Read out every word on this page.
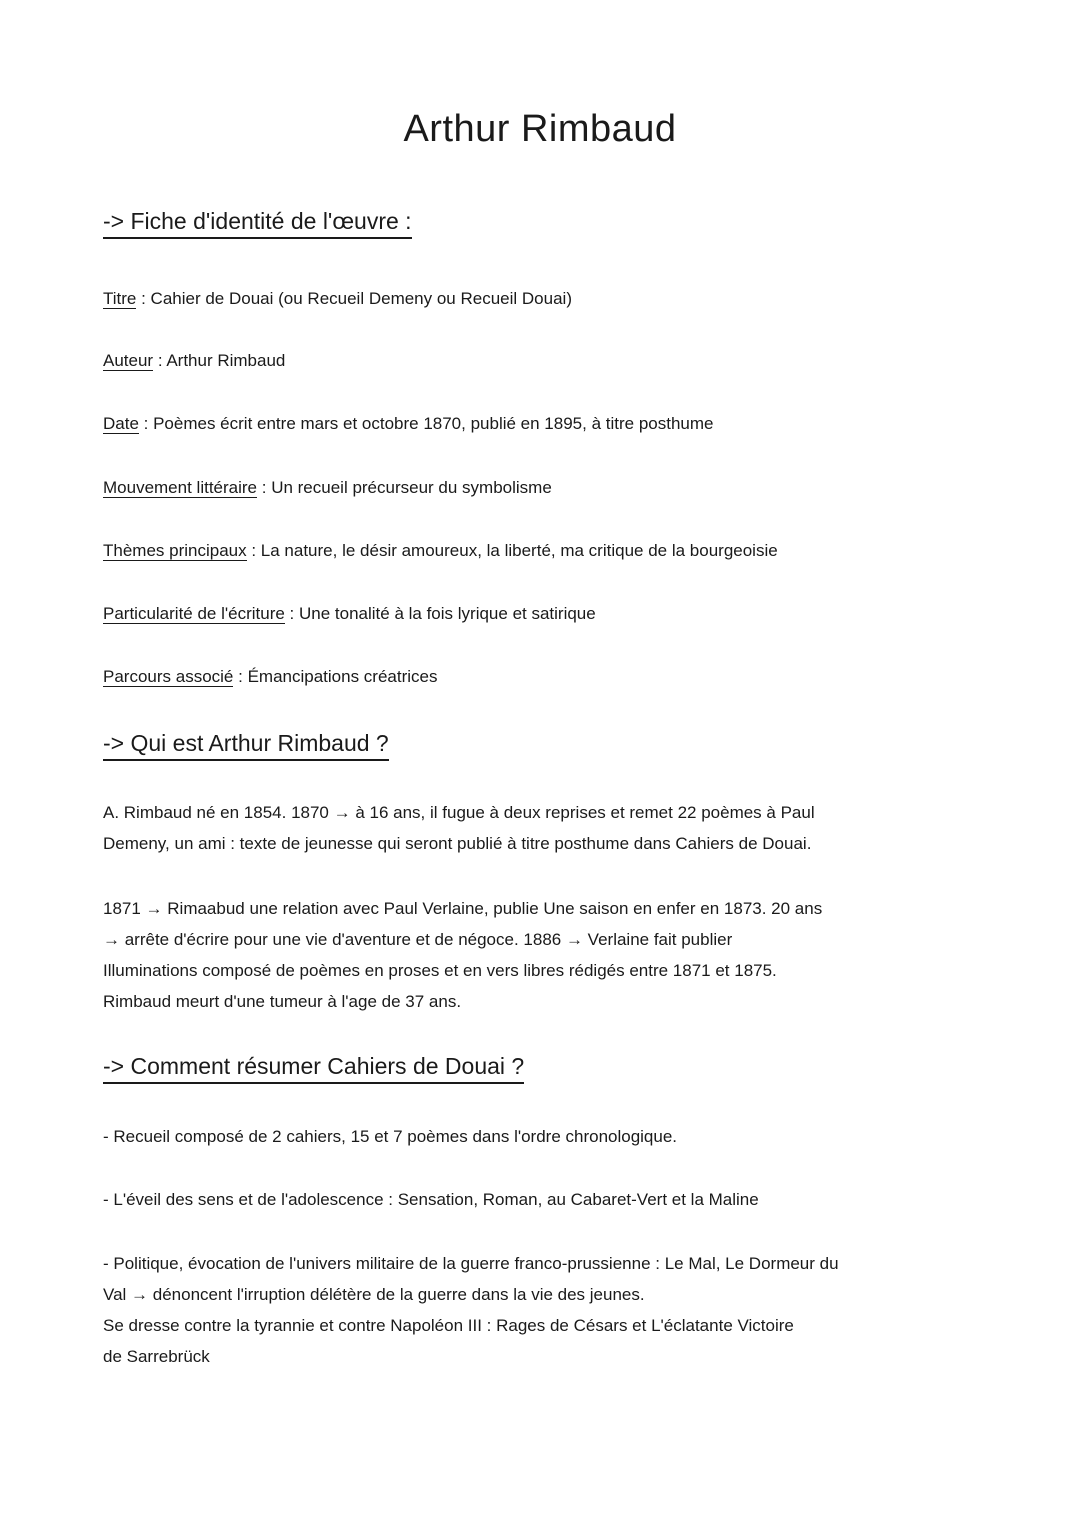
Arthur Rimbaud
-> Fiche d'identité de l'œuvre :
Titre : Cahier de Douai (ou Recueil Demeny ou Recueil Douai)
Auteur : Arthur Rimbaud
Date : Poèmes écrit entre mars et octobre 1870, publié en 1895, à titre posthume
Mouvement littéraire : Un recueil précurseur du symbolisme
Thèmes principaux : La nature, le désir amoureux, la liberté, ma critique de la bourgeoisie
Particularité de l'écriture : Une tonalité à la fois lyrique et satirique
Parcours associé : Émancipations créatrices
-> Qui est Arthur Rimbaud ?

A. Rimbaud né en 1854. 1870 → à 16 ans, il fugue à deux reprises et remet 22 poèmes à Paul

Demeny, un ami : texte de jeunesse qui seront publié à titre posthume dans Cahiers de Douai.

1871 → Rimaabud une relation avec Paul Verlaine, publie Une saison en enfer en 1873. 20 ans

→ arrête d'écrire pour une vie d'aventure et de négoce. 1886 → Verlaine fait publier

Illuminations composé de poèmes en proses et en vers libres rédigés entre 1871 et 1875.

Rimbaud meurt d'une tumeur à l'age de 37 ans.

-> Comment résumer Cahiers de Douai ?

- Recueil composé de 2 cahiers, 15 et 7 poèmes dans l'ordre chronologique.

- L'éveil des sens et de l'adolescence : Sensation, Roman, au Cabaret-Vert et la Maline

- Politique, évocation de l'univers militaire de la guerre franco-prussienne : Le Mal, Le Dormeur du

Val → dénoncent l'irruption délétère de la guerre dans la vie des jeunes.

Se dresse contre la tyrannie et contre Napoléon III : Rages de Césars et L'éclatante Victoire

de Sarrebrück
